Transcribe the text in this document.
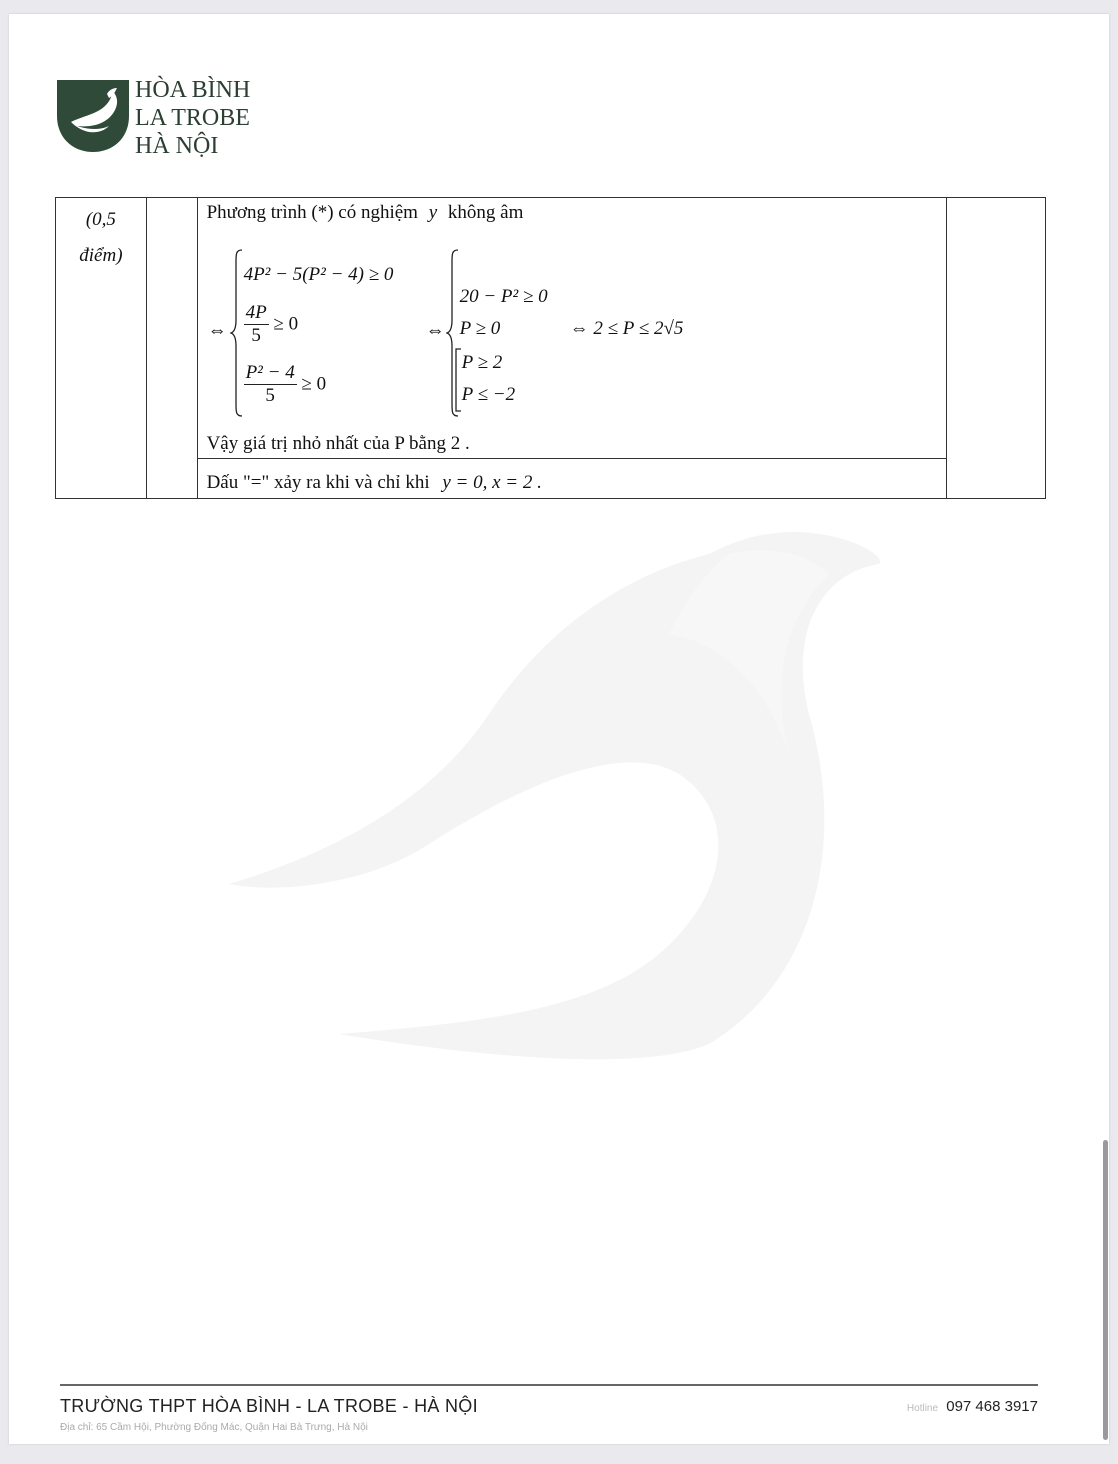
HÒA BÌNH
LA TROBE
HÀ NỘI
(0,5
điểm)

Phương trình (*) có nghiệm y không âm
⇔
4P² − 5(P² − 4) ≥ 0
$\frac{4P}{5} \ge 0$
$\frac{\text{P² − 4}}{5} \ge 0$
⇔
20 − P² ≥ 0
P ≥ 0
P ≥ 2
P ≤ −2
⇔ 2 ≤ P ≤ 2√5
Vậy giá trị nhỏ nhất của P bằng 2 .
Dấu "=" xảy ra khi và chỉ khi y = 0, x = 2 .

TRƯỜNG THPT HÒA BÌNH - LA TROBE - HÀ NỘI
Địa chỉ: 65 Cầm Hội, Phường Đống Mác, Quận Hai Bà Trưng, Hà Nội
Hotline 097 468 3917
